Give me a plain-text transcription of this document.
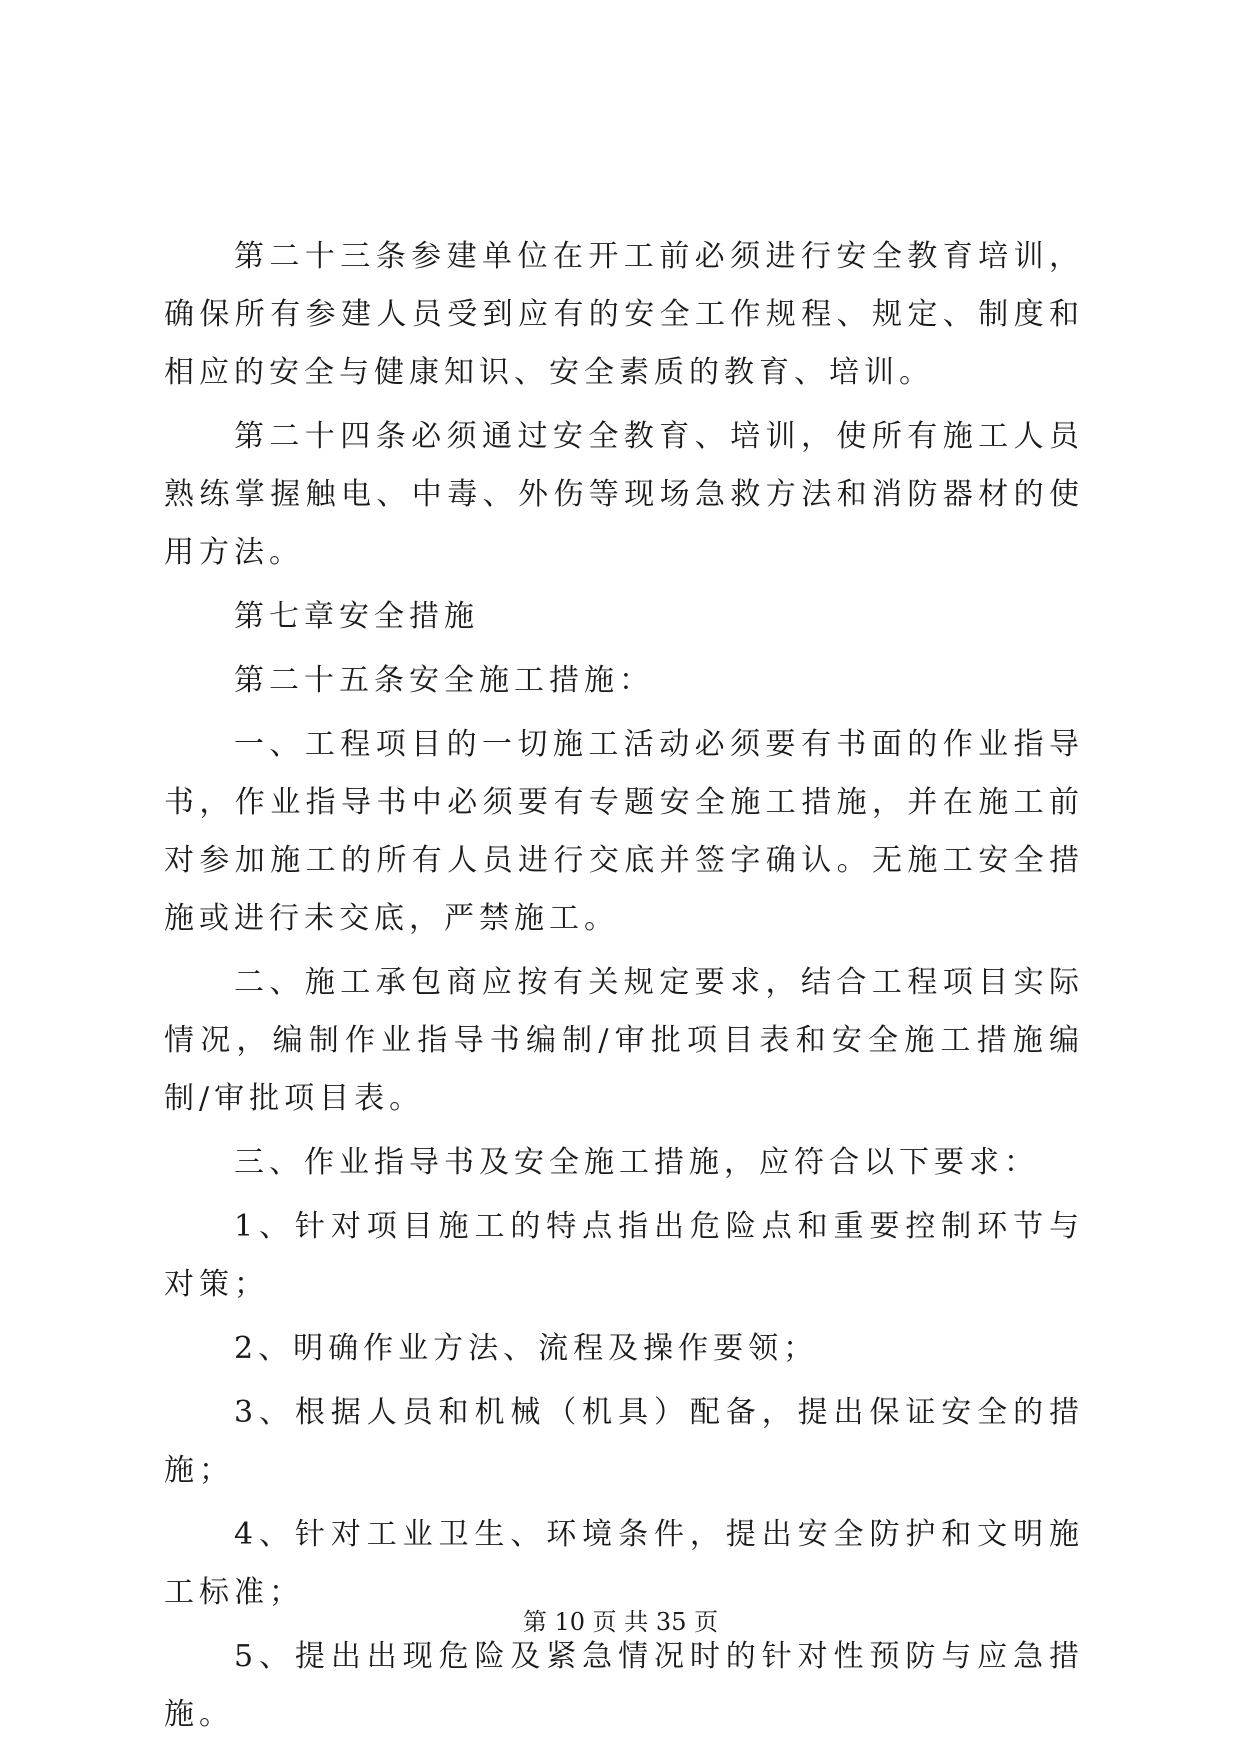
第二十三条参建单位在开工前必须进行安全教育培训，确保所有参建人员受到应有的安全工作规程、规定、制度和相应的安全与健康知识、安全素质的教育、培训。

第二十四条必须通过安全教育、培训，使所有施工人员熟练掌握触电、中毒、外伤等现场急救方法和消防器材的使用方法。

第七章安全措施

第二十五条安全施工措施：

一、工程项目的一切施工活动必须要有书面的作业指导书，作业指导书中必须要有专题安全施工措施，并在施工前对参加施工的所有人员进行交底并签字确认。无施工安全措施或进行未交底，严禁施工。

二、施工承包商应按有关规定要求，结合工程项目实际情况，编制作业指导书编制/审批项目表和安全施工措施编制/审批项目表。

三、作业指导书及安全施工措施，应符合以下要求：

1、针对项目施工的特点指出危险点和重要控制环节与对策；

2、明确作业方法、流程及操作要领；

3、根据人员和机械（机具）配备，提出保证安全的措施；

4、针对工业卫生、环境条件，提出安全防护和文明施工标准；

5、提出出现危险及紧急情况时的针对性预防与应急措施。

第 10 页 共 35 页
